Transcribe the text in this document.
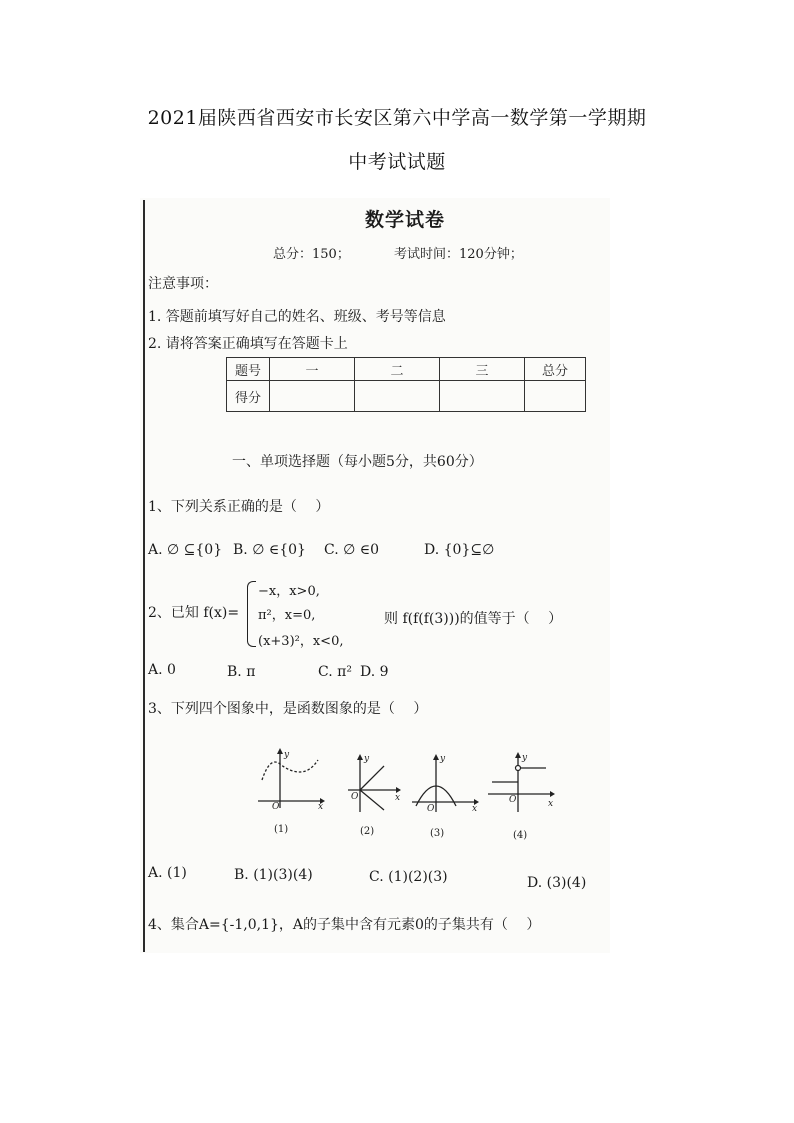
2021届陕西省西安市长安区第六中学高一数学第一学期期
中考试试题
数学试卷
总分：150；	考试时间：120分钟；
注意事项：
1. 答题前填写好自己的姓名、班级、考号等信息
2. 请将答案正确填写在答题卡上
题号	一	二	三	总分
得分				
一、单项选择题（每小题5分，共60分）
1、下列关系正确的是（　 ）
A. ∅ ⊆{0} B. ∅ ∈{0} C. ∅ ∈0	D. {0}⊆∅
2、已知 f(x)=
−x，x>0,
π²，x=0,
(x+3)²，x<0,
则 f(f(f(3)))的值等于（　 ）
A. 0	B. π	C. π² D. 9
3、下列四个图象中，是函数图象的是（　 ）
y
x
O
(1)
y
x
O
(2)
y
x
O
(3)
y
x
O
(4)
A. (1)	B. (1)(3)(4)	C. (1)(2)(3)	D. (3)(4)
4、集合A={-1,0,1}，A的子集中含有元素0的子集共有（　 ）
